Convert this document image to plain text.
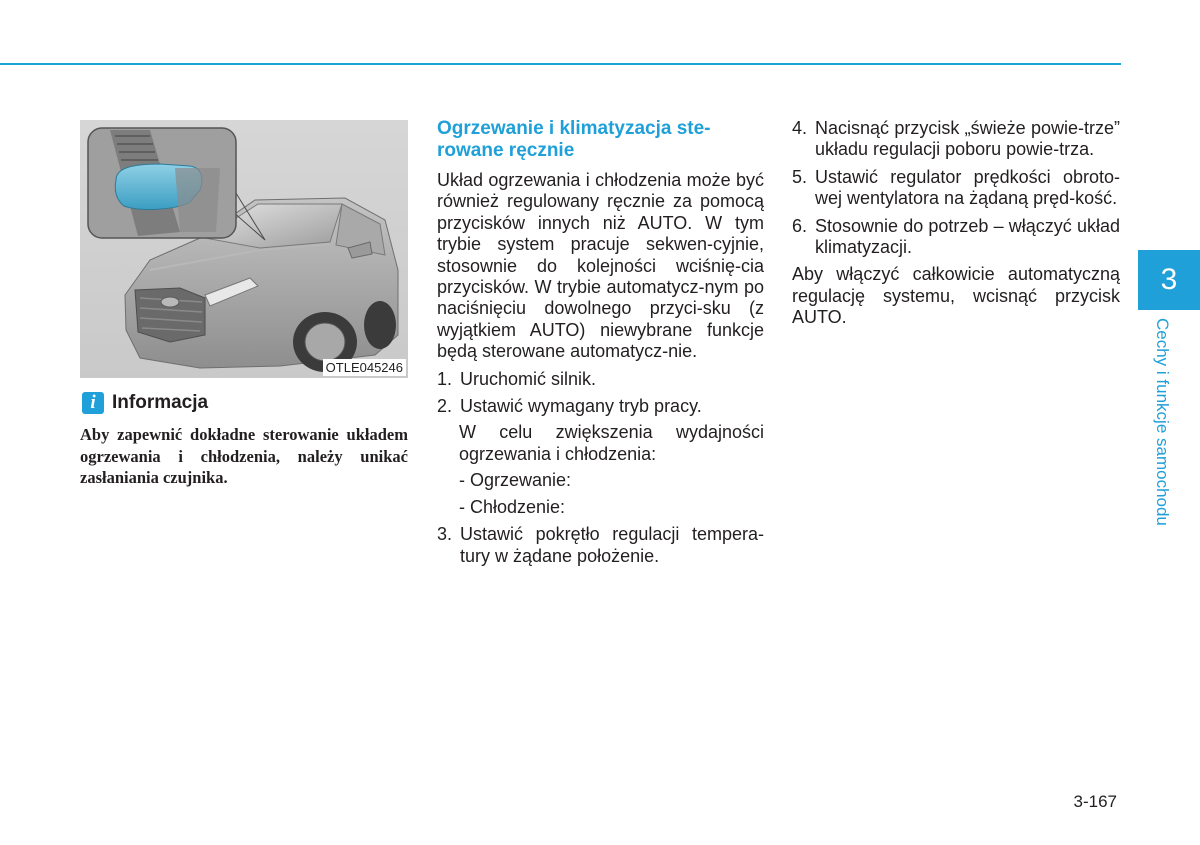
OTLE045246
i Informacja
Aby zapewnić dokładne sterowanie układem ogrzewania i chłodzenia, należy unikać zasłaniania czujnika.
Ogrzewanie i klimatyzacja ste-rowane ręcznie

Układ ogrzewania i chłodzenia może być również regulowany ręcznie za pomocą przycisków innych niż AUTO. W tym trybie system pracuje sekwen-cyjnie, stosownie do kolejności wciśnię-cia przycisków. W trybie automatycz-nym po naciśnięciu dowolnego przyci-sku (z wyjątkiem AUTO) niewybrane funkcje będą sterowane automatycz-nie.

1. Uruchomić silnik.
2. Ustawić wymagany tryb pracy.
W celu zwiększenia wydajności ogrzewania i chłodzenia:
- Ogrzewanie:
- Chłodzenie:
3. Ustawić pokrętło regulacji tempera-tury w żądane położenie.
4. Nacisnąć przycisk „świeże powie-trze” układu regulacji poboru powie-trza.
5. Ustawić regulator prędkości obroto-wej wentylatora na żądaną pręd-kość.
6. Stosownie do potrzeb – włączyć układ klimatyzacji.

Aby włączyć całkowicie automatyczną regulację systemu, wcisnąć przycisk AUTO.

3
Cechy i funkcje samochodu
3-167
